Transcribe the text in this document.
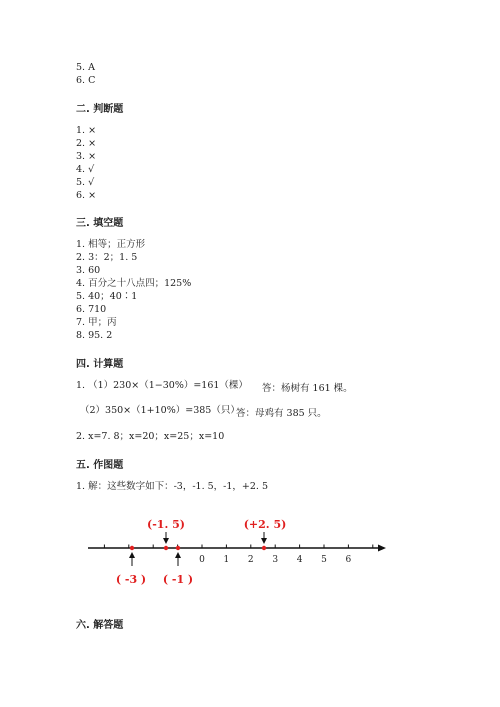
5. A
6. C
二. 判断题
1. ×
2. ×
3. ×
4. √
5. √
6. ×
三. 填空题
1. 相等；正方形
2. 3：2；1. 5
3. 60
4. 百分之十八点四；125%
5. 40；40∶1
6. 710
7. 甲；丙
8. 95. 2
四. 计算题
1. （1）230×（1−30%）=161（棵） 答：杨树有 161 棵。
（2）350×（1+10%）=385（只）
答：母鸡有 385 只。
2. x=7. 8；x=20；x=25；x=10
五. 作图题
1. 解：这些数字如下：-3，-1. 5，-1，+2. 5
0 1 2 3 4 5 6
(-1. 5)	(+2. 5)
( -3 ) ( -1 )
六. 解答题
